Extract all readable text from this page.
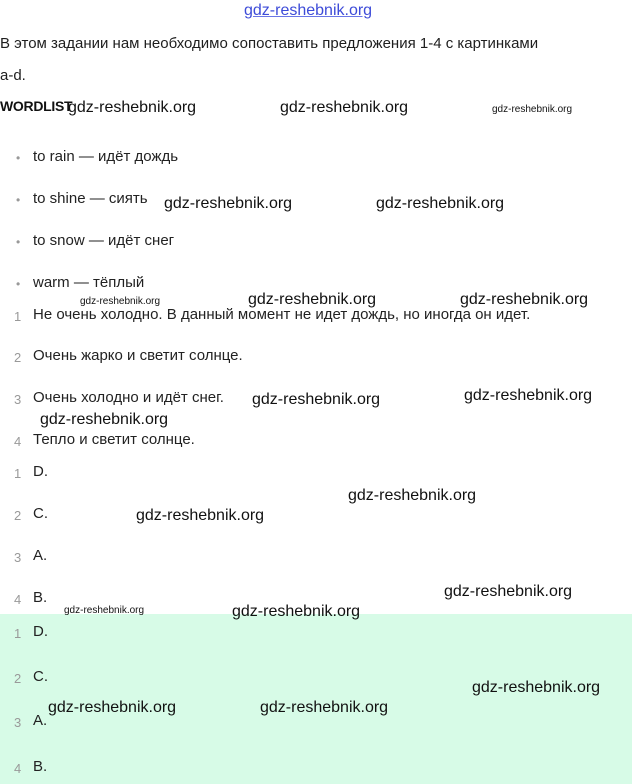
gdz-reshebnik.org
В этом задании нам необходимо сопоставить предложения 1-4 с картинками
a-d.
WORDLIST
• to rain — идёт дождь
• to shine — сиять
• to snow — идёт снег
• warm — тёплый
1 Не очень холодно. В данный момент не идет дождь, но иногда он идет.
2 Очень жарко и светит солнце.
3 Очень холодно и идёт снег.
4 Тепло и светит солнце.
1 D.
2 C.
3 A.
4 B.
1 D.
2 C.
3 A.
4 B.
gdz-reshebnik.org	gdz-reshebnik.org	gdz-reshebnik.org
gdz-reshebnik.org	gdz-reshebnik.org
gdz-reshebnik.org	gdz-reshebnik.org	gdz-reshebnik.org
gdz-reshebnik.org	gdz-reshebnik.org
gdz-reshebnik.org
gdz-reshebnik.org
gdz-reshebnik.org
gdz-reshebnik.org
gdz-reshebnik.org	gdz-reshebnik.org
gdz-reshebnik.org
gdz-reshebnik.org	gdz-reshebnik.org
